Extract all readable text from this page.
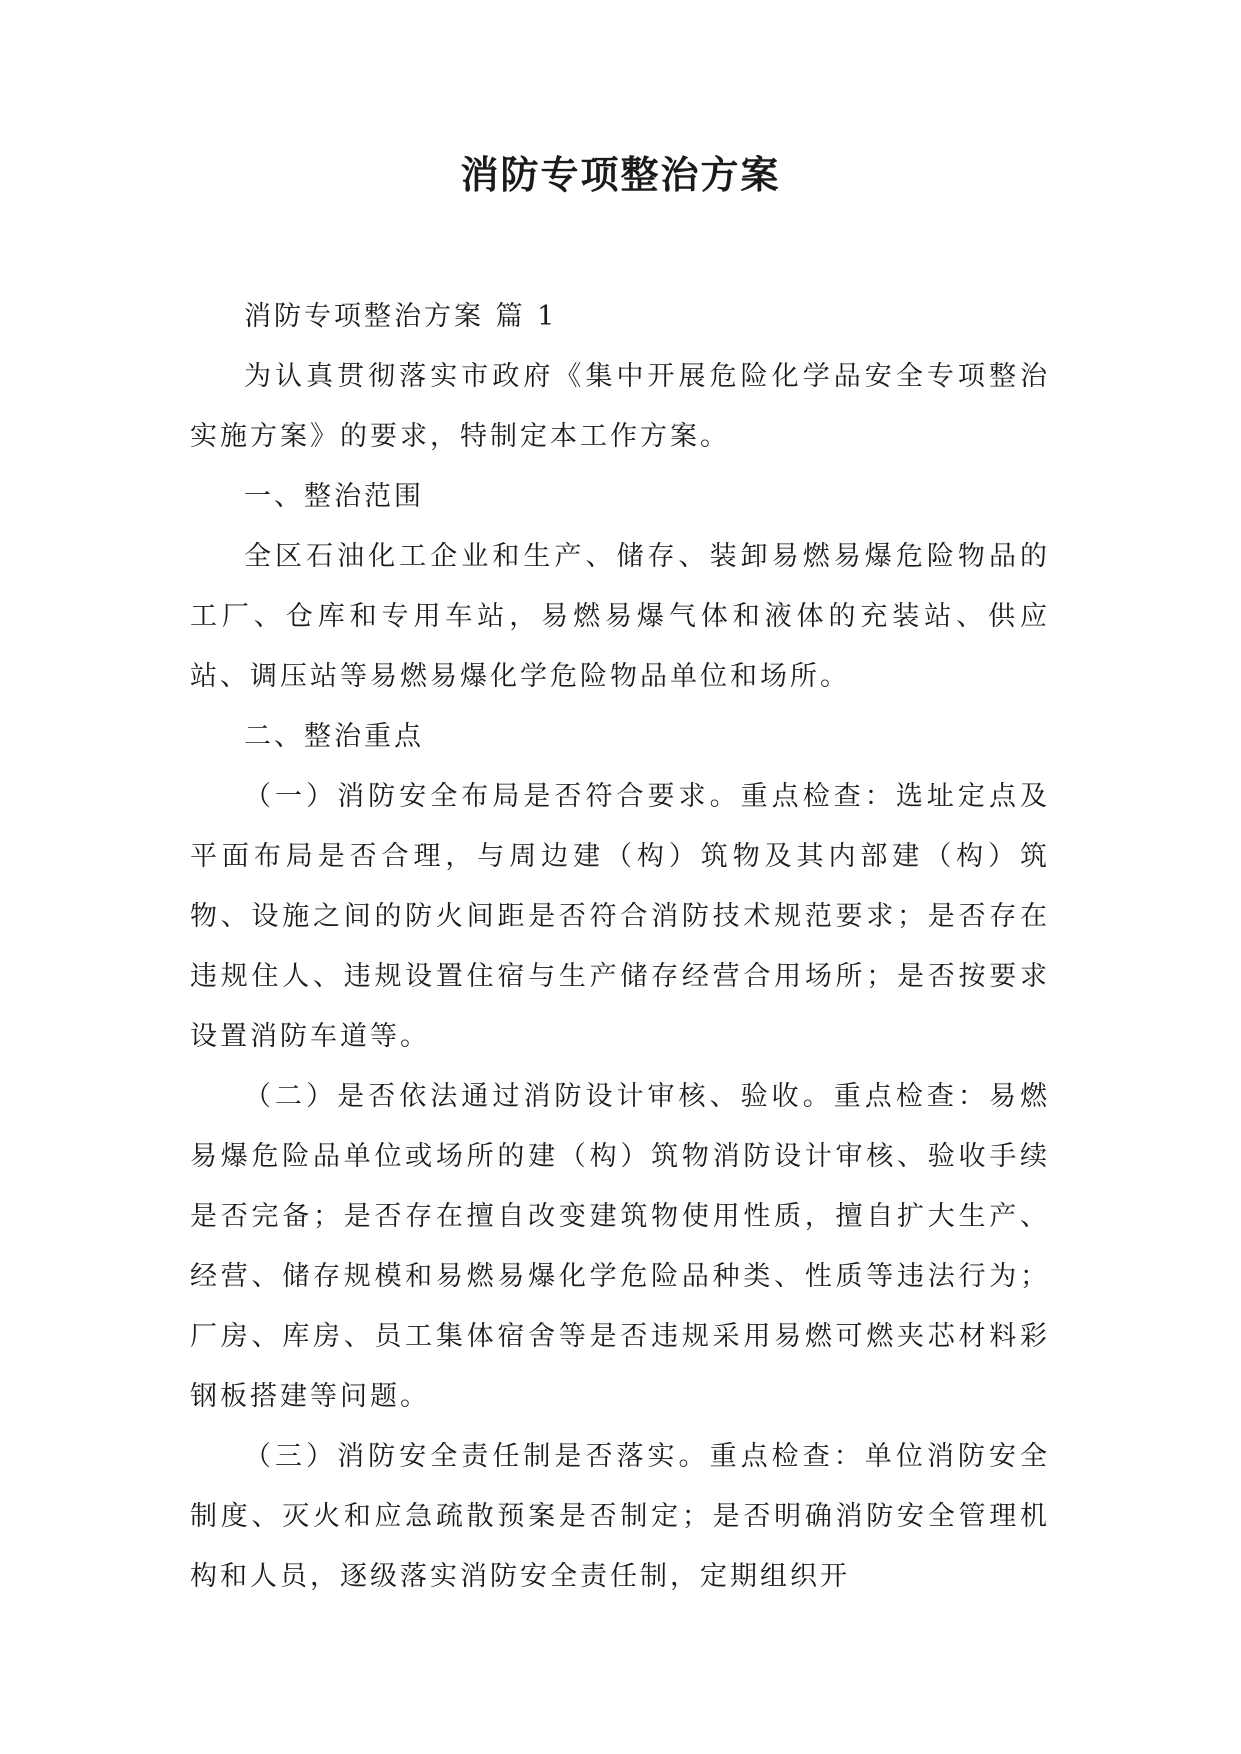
消防专项整治方案

消防专项整治方案 篇 1

为认真贯彻落实市政府《集中开展危险化学品安全专项整治实施方案》的要求，特制定本工作方案。

一、整治范围

全区石油化工企业和生产、储存、装卸易燃易爆危险物品的工厂、仓库和专用车站，易燃易爆气体和液体的充装站、供应站、调压站等易燃易爆化学危险物品单位和场所。

二、整治重点

（一）消防安全布局是否符合要求。重点检查：选址定点及平面布局是否合理，与周边建（构）筑物及其内部建（构）筑物、设施之间的防火间距是否符合消防技术规范要求；是否存在违规住人、违规设置住宿与生产储存经营合用场所；是否按要求设置消防车道等。

（二）是否依法通过消防设计审核、验收。重点检查：易燃易爆危险品单位或场所的建（构）筑物消防设计审核、验收手续是否完备；是否存在擅自改变建筑物使用性质，擅自扩大生产、经营、储存规模和易燃易爆化学危险品种类、性质等违法行为；厂房、库房、员工集体宿舍等是否违规采用易燃可燃夹芯材料彩钢板搭建等问题。

（三）消防安全责任制是否落实。重点检查：单位消防安全制度、灭火和应急疏散预案是否制定；是否明确消防安全管理机构和人员，逐级落实消防安全责任制，定期组织开
